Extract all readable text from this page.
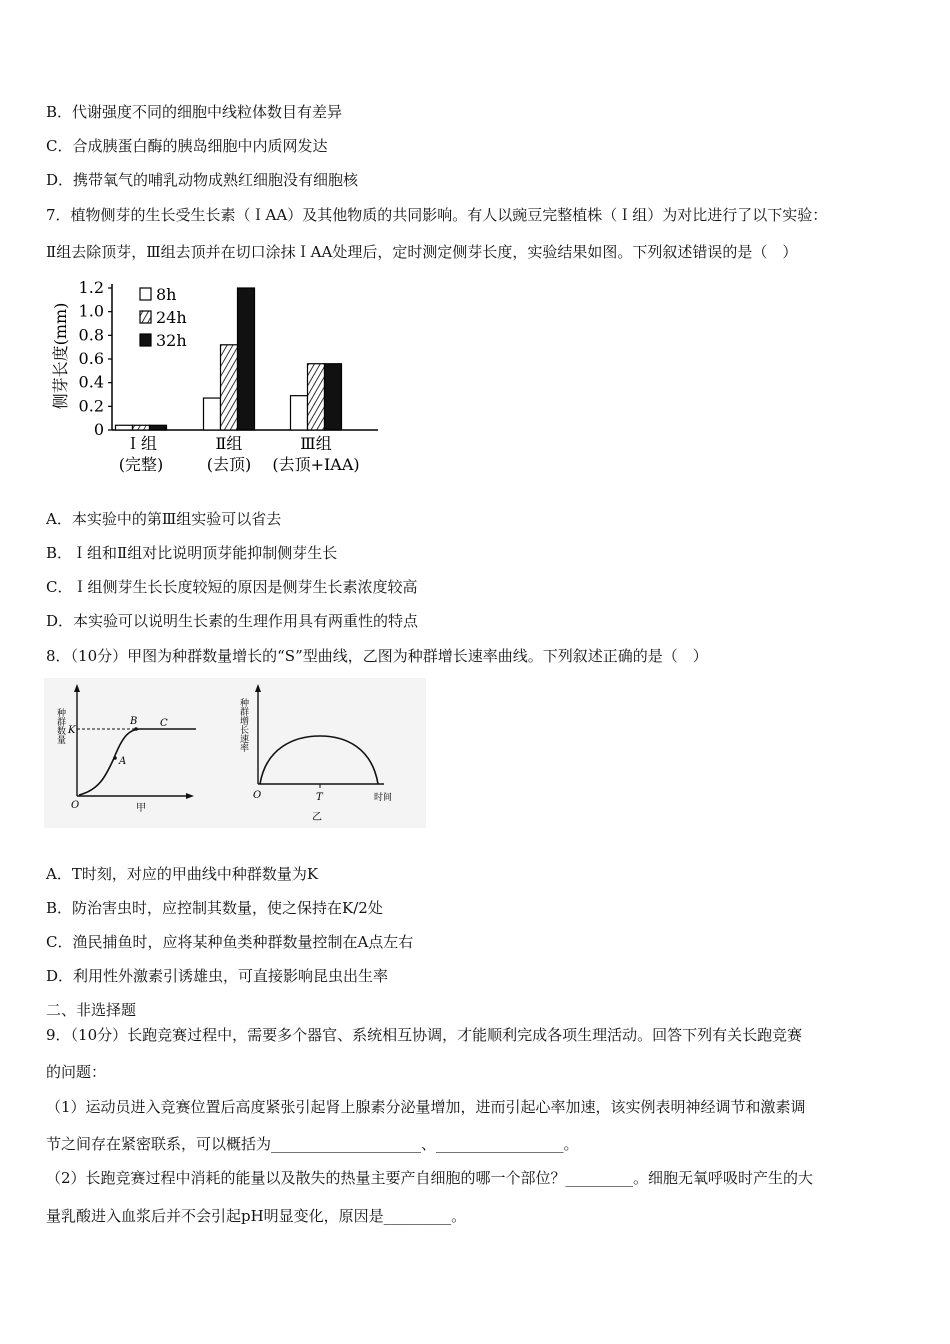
B．代谢强度不同的细胞中线粒体数目有差异
C．合成胰蛋白酶的胰岛细胞中内质网发达
D．携带氧气的哺乳动物成熟红细胞没有细胞核
7．植物侧芽的生长受生长素（ＩAA）及其他物质的共同影响。有人以豌豆完整植株（Ｉ组）为对比进行了以下实验：
Ⅱ组去除顶芽，Ⅲ组去顶并在切口涂抹ＩAA处理后，定时测定侧芽长度，实验结果如图。下列叙述错误的是（　）
侧芽长度(mm)
1.2
1.0
0.8
0.6
0.4
0.2
0
Ｉ组
(完整)
Ⅱ组
(去顶)
Ⅲ组
(去顶+IAA)
8h
24h
32h
A．本实验中的第Ⅲ组实验可以省去
B．Ｉ组和Ⅱ组对比说明顶芽能抑制侧芽生长
C．Ｉ组侧芽生长长度较短的原因是侧芽生长素浓度较高
D．本实验可以说明生长素的生理作用具有两重性的特点
8．（10分）甲图为种群数量增长的“S”型曲线，乙图为种群增长速率曲线。下列叙述正确的是（　）
种群数量 K
A
B C
O	甲
种群增长速率
O	T	时间
乙
A．T时刻，对应的甲曲线中种群数量为K
B．防治害虫时，应控制其数量，使之保持在K/2处
C．渔民捕鱼时，应将某种鱼类种群数量控制在A点左右
D．利用性外激素引诱雄虫，可直接影响昆虫出生率
二、非选择题
9．（10分）长跑竞赛过程中，需要多个器官、系统相互协调，才能顺利完成各项生理活动。回答下列有关长跑竞赛
的问题：
（1）运动员进入竞赛位置后高度紧张引起肾上腺素分泌量增加，进而引起心率加速，该实例表明神经调节和激素调
节之间存在紧密联系，可以概括为____________________、_________________。
（2）长跑竞赛过程中消耗的能量以及散失的热量主要产自细胞的哪一个部位？_________。细胞无氧呼吸时产生的大
量乳酸进入血浆后并不会引起pH明显变化，原因是_________。
